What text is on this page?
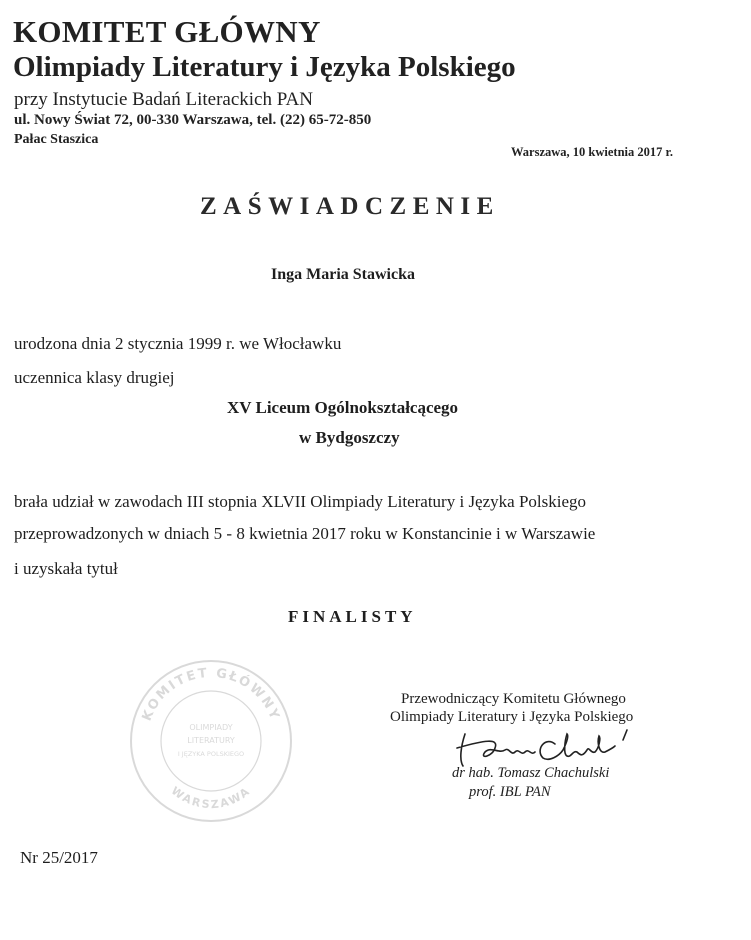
KOMITET GŁÓWNY
Olimpiady Literatury i Języka Polskiego
przy Instytucie Badań Literackich PAN
ul. Nowy Świat 72, 00-330 Warszawa, tel. (22) 65-72-850
Pałac Staszica
Warszawa, 10 kwietnia 2017 r.
ZAŚWIADCZENIE
Inga Maria Stawicka
urodzona dnia 2 stycznia 1999 r. we Włocławku
uczennica klasy drugiej
XV Liceum Ogólnokształcącego
w Bydgoszczy
brała udział w zawodach III stopnia XLVII Olimpiady Literatury i Języka Polskiego
przeprowadzonych w dniach 5 - 8 kwietnia 2017 roku w Konstancinie i w Warszawie
i uzyskała tytuł
FINALISTY
KOMITET GŁÓWNY
WARSZAWA
OLIMPIADY
LITERATURY
I JĘZYKA POLSKIEGO
Przewodniczący Komitetu Głównego
Olimpiady Literatury i Języka Polskiego
dr hab. Tomasz Chachulski
prof. IBL PAN
Nr 25/2017
